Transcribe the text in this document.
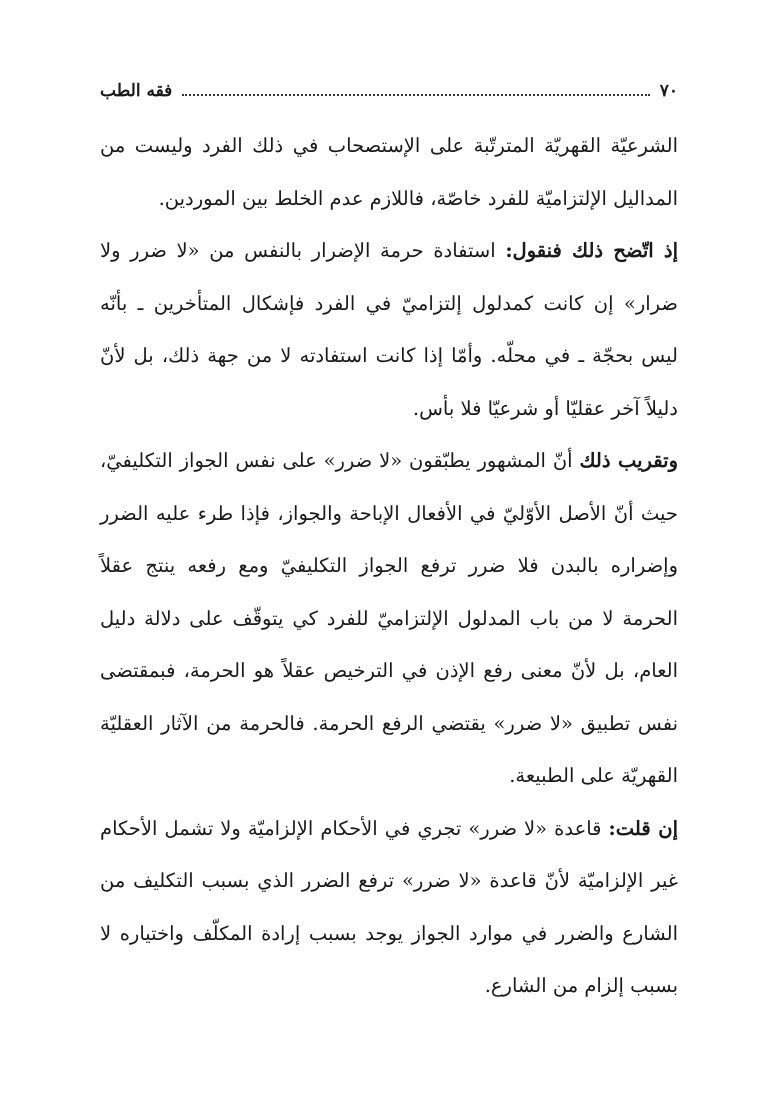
فقه الطب	٧٠

الشرعيّة القهريّة المترتّبة على الإستصحاب في ذلك الفرد وليست من المداليل الإلتزاميّة للفرد خاصّة، فاللازم عدم الخلط بين الموردين.

إذ اتّضح ذلك فنقول: استفادة حرمة الإضرار بالنفس من «لا ضرر ولا ضرار» إن كانت كمدلول إلتزاميّ في الفرد فإشكال المتأخرين ـ بأنّه ليس بحجّة ـ في محلّه. وأمّا إذا كانت استفادته لا من جهة ذلك، بل لأنّ دليلاً آخر عقليّا أو شرعيّا فلا بأس.

وتقريب ذلك أنّ المشهور يطبّقون «لا ضرر» على نفس الجواز التكليفيّ، حيث أنّ الأصل الأوّليّ في الأفعال الإباحة والجواز، فإذا طرء عليه الضرر وإضراره بالبدن فلا ضرر ترفع الجواز التكليفيّ ومع رفعه ينتج عقلاً الحرمة لا من باب المدلول الإلتزاميّ للفرد كي يتوقّف على دلالة دليل العام، بل لأنّ معنى رفع الإذن في الترخيص عقلاً هو الحرمة، فبمقتضى نفس تطبيق «لا ضرر» يقتضي الرفع الحرمة. فالحرمة من الآثار العقليّة القهريّة على الطبيعة.

إن قلت: قاعدة «لا ضرر» تجري في الأحكام الإلزاميّة ولا تشمل الأحكام غير الإلزاميّة لأنّ قاعدة «لا ضرر» ترفع الضرر الذي بسبب التكليف من الشارع والضرر في موارد الجواز يوجد بسبب إرادة المكلّف واختياره لا بسبب إلزام من الشارع.
